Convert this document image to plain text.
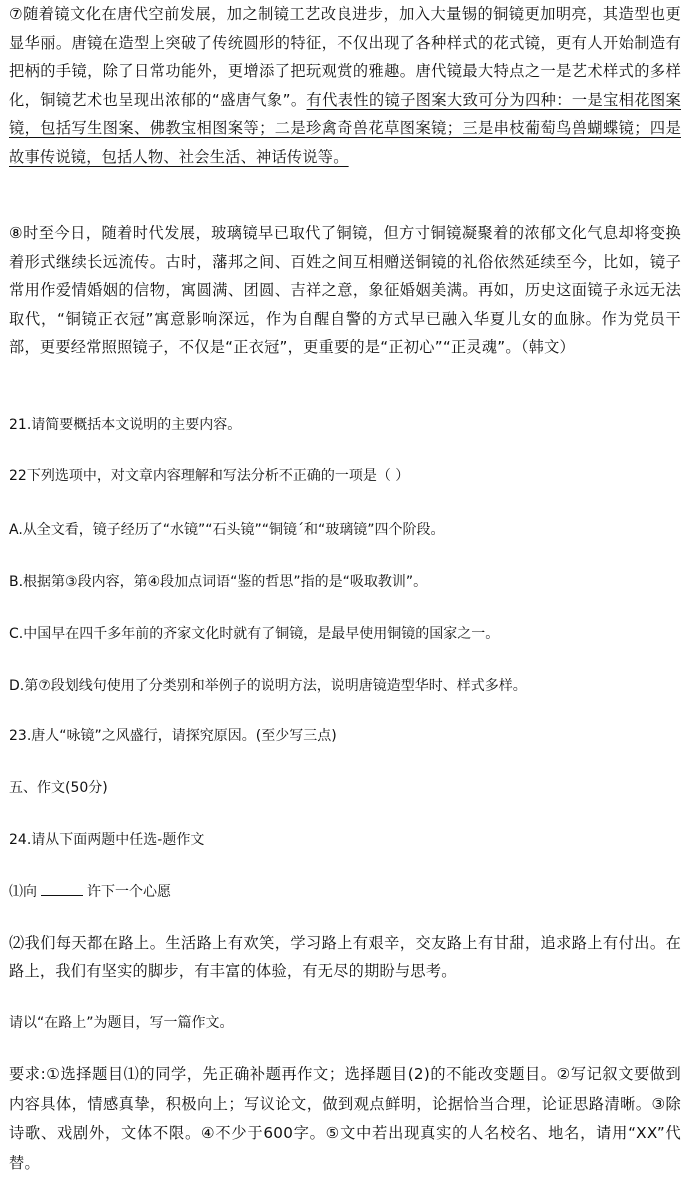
⑦随着镜文化在唐代空前发展，加之制镜工艺改良进步，加入大量锡的铜镜更加明亮，其造型也更显华丽。唐镜在造型上突破了传统圆形的特征，不仅出现了各种样式的花式镜，更有人开始制造有把柄的手镜，除了日常功能外，更增添了把玩观赏的雅趣。唐代镜最大特点之一是艺术样式的多样化，铜镜艺术也呈现出浓郁的“盛唐气象”。有代表性的镜子图案大致可分为四种：一是宝相花图案镜，包括写生图案、佛教宝相图案等；二是珍禽奇兽花草图案镜；三是串枝葡萄鸟兽蝴蝶镜；四是故事传说镜，包括人物、社会生活、神话传说等。

⑧时至今日，随着时代发展，玻璃镜早已取代了铜镜，但方寸铜镜凝聚着的浓郁文化气息却将变换着形式继续长远流传。古时，藩邦之间、百姓之间互相赠送铜镜的礼俗依然延续至今，比如，镜子常用作爱情婚姻的信物，寓圆满、团圆、吉祥之意，象征婚姻美满。再如，历史这面镜子永远无法取代，“铜镜正衣冠”寓意影响深远，作为自醒自警的方式早已融入华夏儿女的血脉。作为党员干部，更要经常照照镜子，不仅是“正衣冠”，更重要的是“正初心”“正灵魂”。（韩文）

21.请简要概括本文说明的主要内容。

22下列选项中，对文章内容理解和写法分析不正确的一项是（ ）

A.从全文看，镜子经历了“水镜”“石头镜”“铜镜ˊ和“玻璃镜”四个阶段。

B.根据第③段内容，第④段加点词语“鉴的哲思”指的是“吸取教训”。

C.中国早在四千多年前的齐家文化时就有了铜镜，是最早使用铜镜的国家之一。

D.第⑦段划线句使用了分类别和举例子的说明方法，说明唐镜造型华时、样式多样。

23.唐人“咏镜”之风盛行，请探究原因。(至少写三点)

五、作文(50分)

24.请从下面两题中任选-题作文

⑴向	许下一个心愿

⑵我们每天都在路上。生活路上有欢笑，学习路上有艰辛，交友路上有甘甜，追求路上有付出。在路上，我们有坚实的脚步，有丰富的体验，有无尽的期盼与思考。

请以“在路上”为题目，写一篇作文。

要求:①选择题目⑴的同学，先正确补题再作文；选择题目(2)的不能改变题目。②写记叙文要做到内容具体，情感真挚，积极向上；写议论文，做到观点鲜明，论据恰当合理，论证思路清晰。③除诗歌、戏剧外，文体不限。④不少于600字。⑤文中若出现真实的人名校名、地名，请用“XX”代替。
